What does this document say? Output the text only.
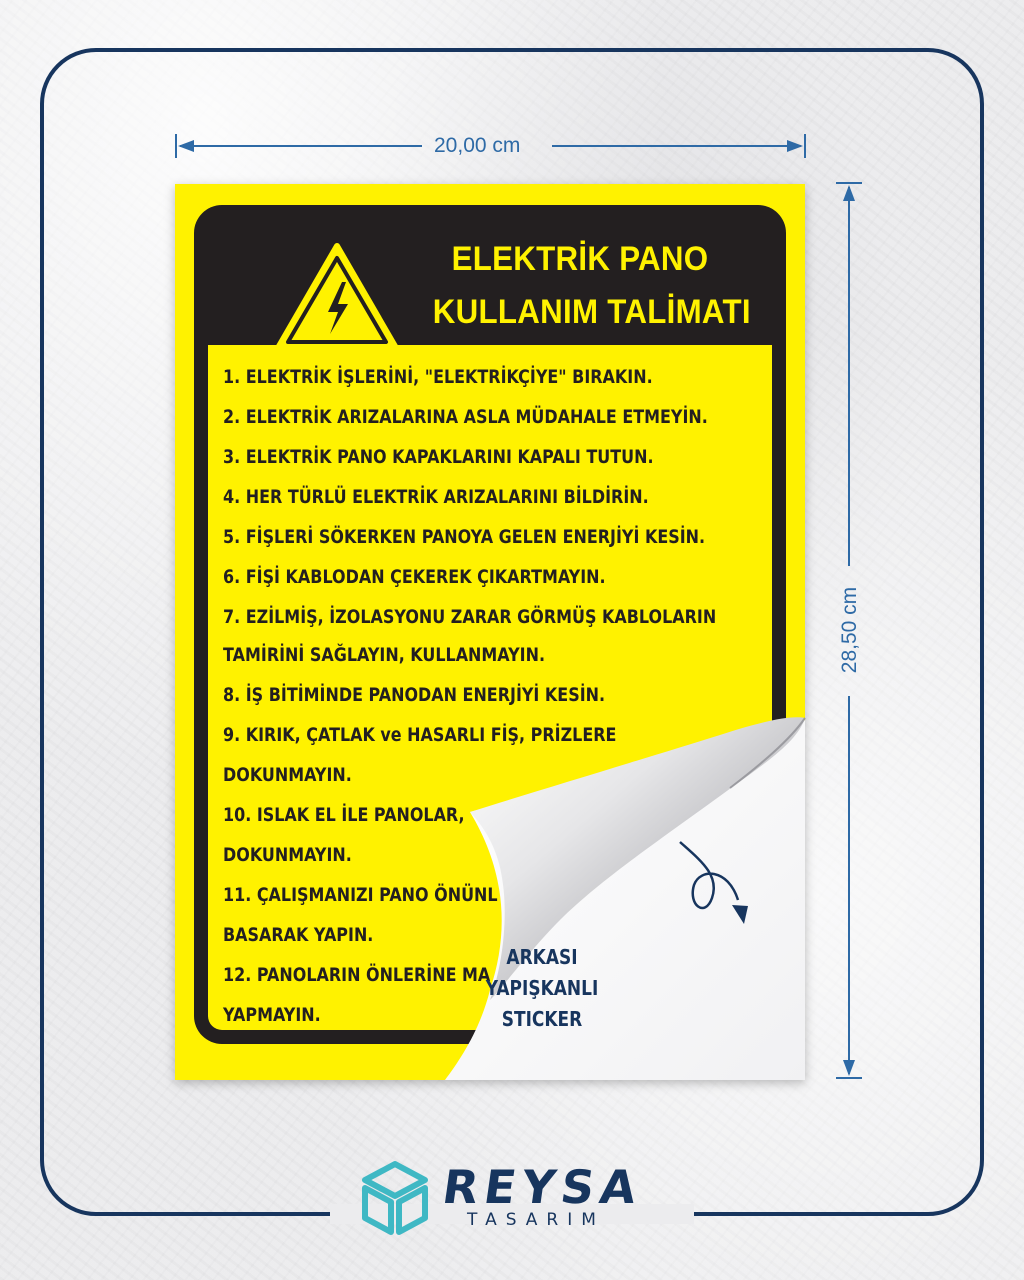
20,00 cm
28,50 cm
ELEKTRİK PANO
KULLANIM TALİMATI
1. ELEKTRİK İŞLERİNİ, "ELEKTRİKÇİYE" BIRAKIN.
2. ELEKTRİK ARIZALARINA ASLA MÜDAHALE ETMEYİN.
3. ELEKTRİK PANO KAPAKLARINI KAPALI TUTUN.
4. HER TÜRLÜ ELEKTRİK ARIZALARINI BİLDİRİN.
5. FİŞLERİ SÖKERKEN PANOYA GELEN ENERJİYİ KESİN.
6. FİŞİ KABLODAN ÇEKEREK ÇIKARTMAYIN.
7. EZİLMİŞ, İZOLASYONU ZARAR GÖRMÜŞ KABLOLARIN
TAMİRİNİ SAĞLAYIN, KULLANMAYIN.
8. İŞ BİTİMİNDE PANODAN ENERJİYİ KESİN.
9. KIRIK, ÇATLAK ve HASARLI FİŞ, PRİZLERE
DOKUNMAYIN.
10. ISLAK EL İLE PANOLAR,
DOKUNMAYIN.
11. ÇALIŞMANIZI PANO ÖNÜNL
BASARAK YAPIN.
12. PANOLARIN ÖNLERİNE MA
YAPMAYIN.
ARKASI
YAPIŞKANLI
STICKER
REYSA
TASARIM
